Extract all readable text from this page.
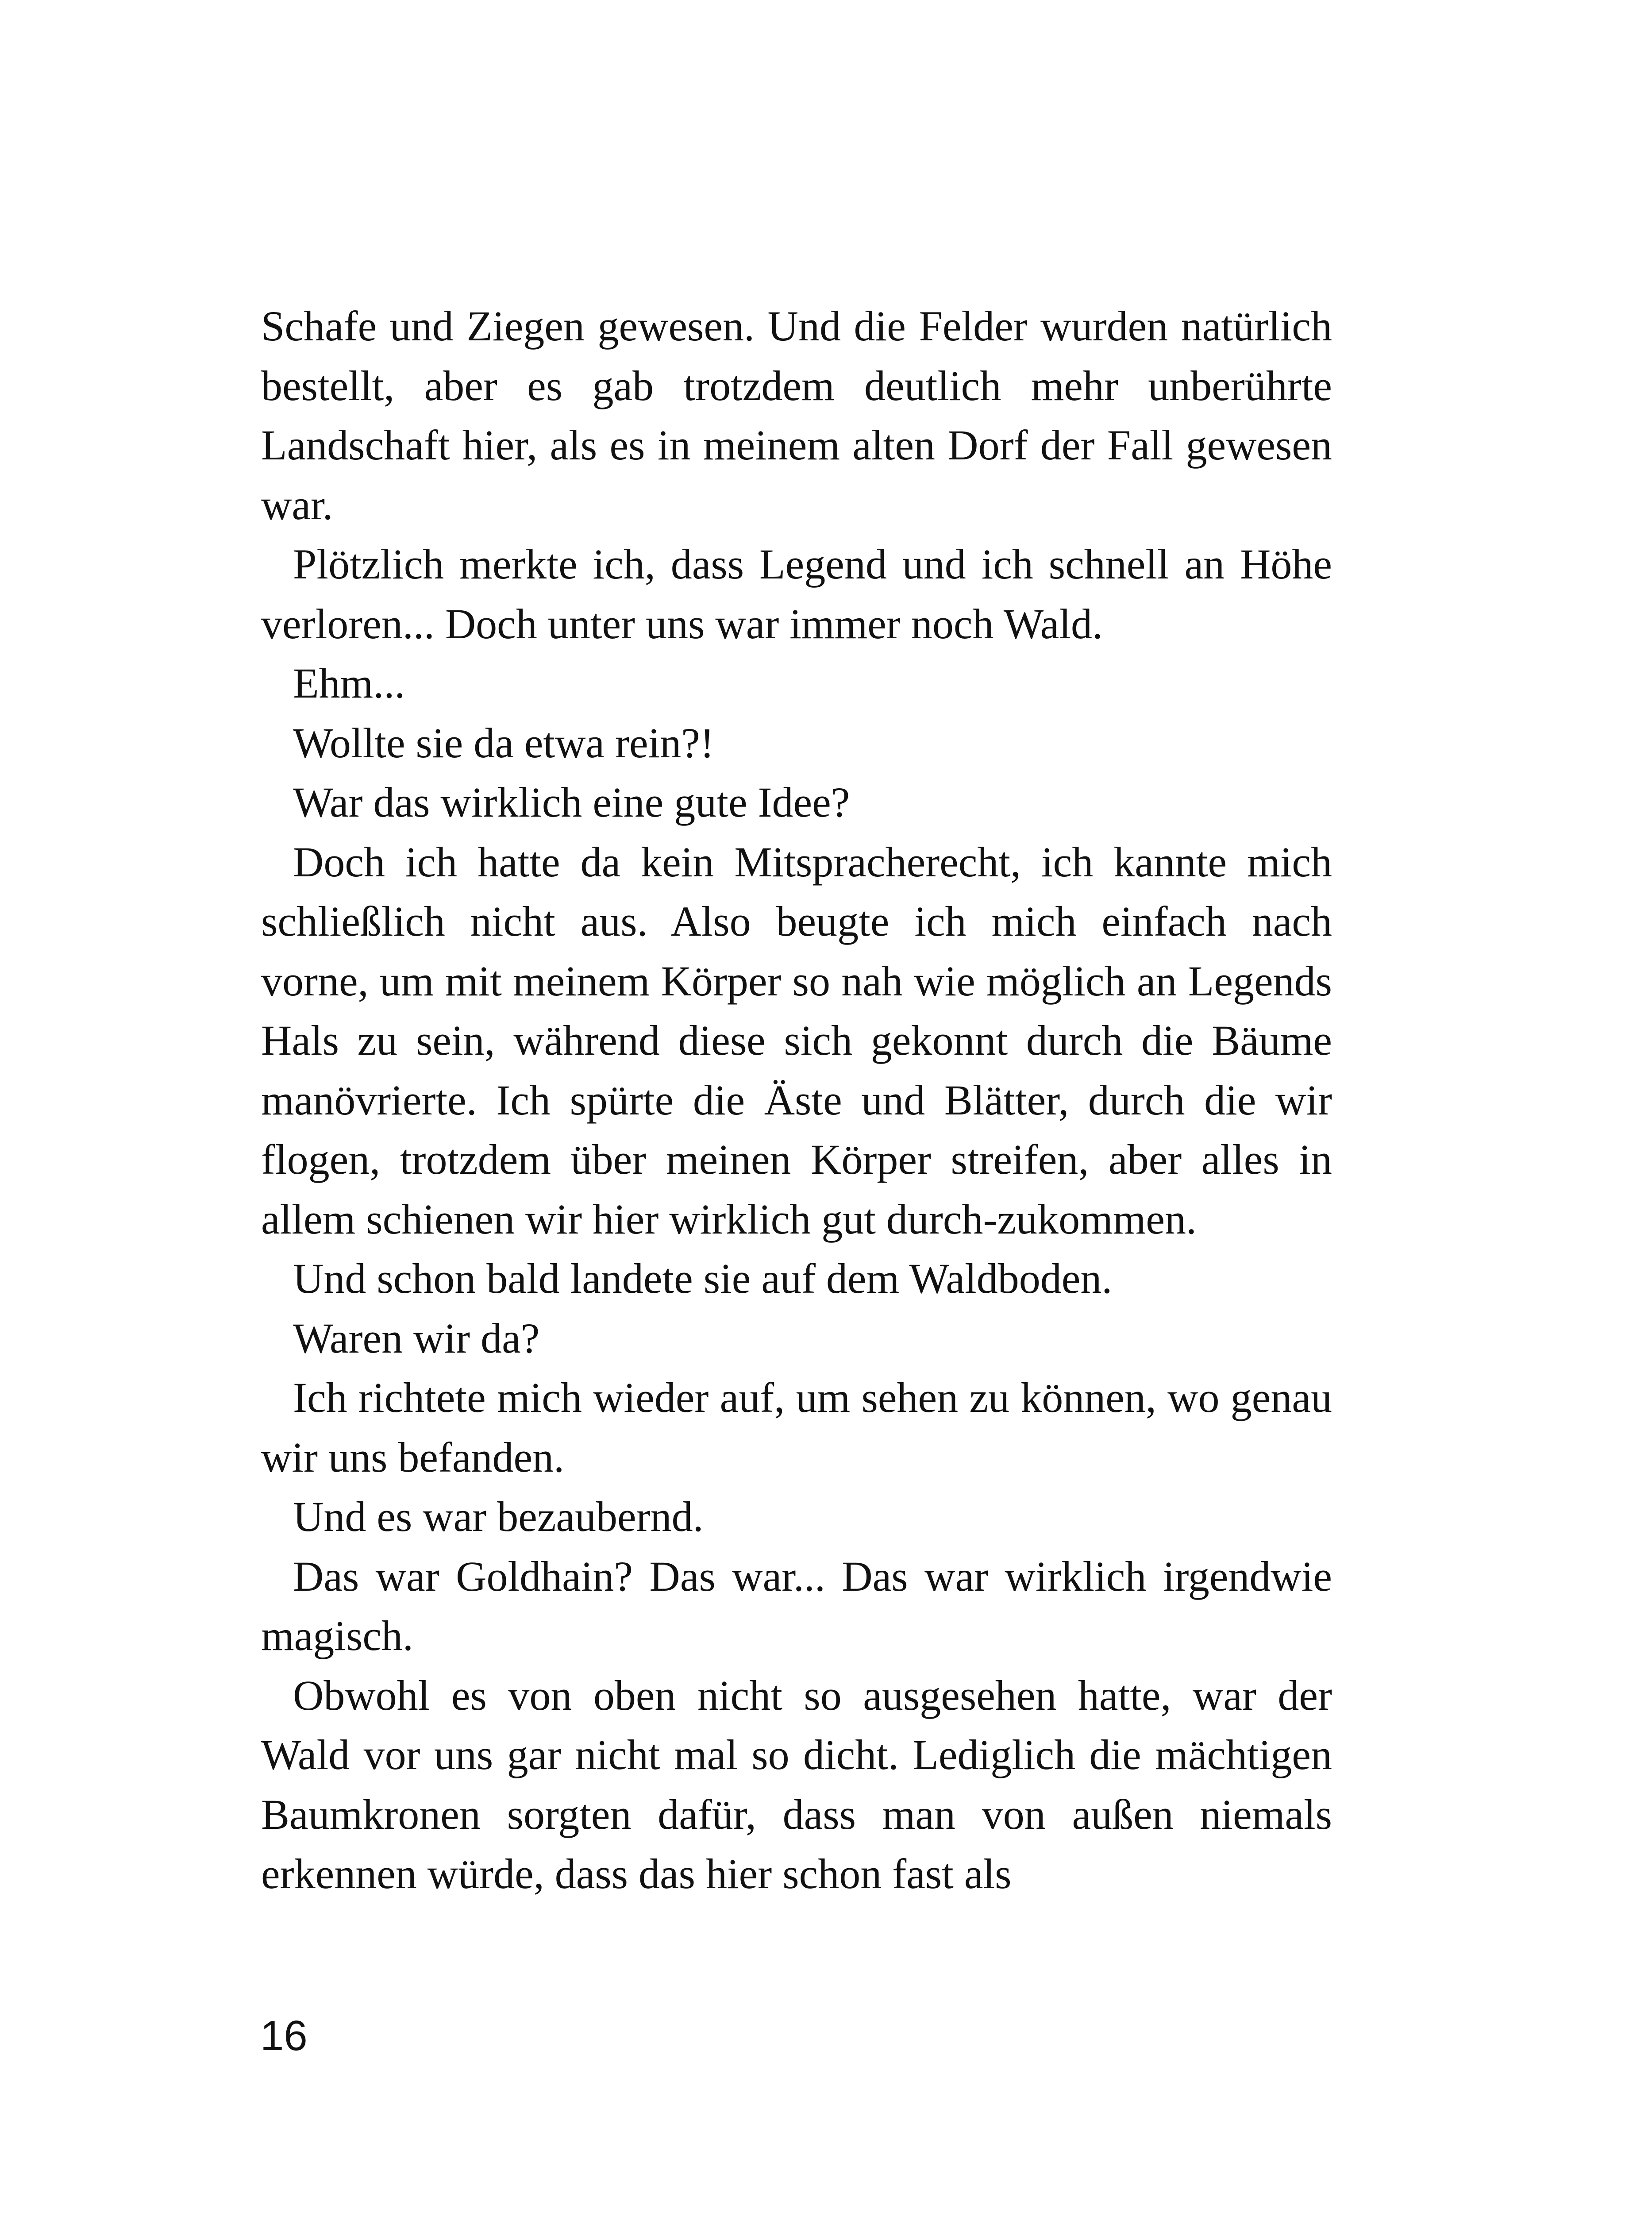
Schafe und Ziegen gewesen. Und die Felder wurden natürlich bestellt, aber es gab trotzdem deutlich mehr unberührte Landschaft hier, als es in meinem alten Dorf der Fall gewesen war.

Plötzlich merkte ich, dass Legend und ich schnell an Höhe verloren... Doch unter uns war immer noch Wald.

Ehm...

Wollte sie da etwa rein?!

War das wirklich eine gute Idee?

Doch ich hatte da kein Mitspracherecht, ich kannte mich schließlich nicht aus. Also beugte ich mich einfach nach vorne, um mit meinem Körper so nah wie möglich an Legends Hals zu sein, während diese sich gekonnt durch die Bäume manövrierte. Ich spürte die Äste und Blätter, durch die wir flogen, trotzdem über meinen Körper streifen, aber alles in allem schienen wir hier wirklich gut durch-zukommen.

Und schon bald landete sie auf dem Waldboden.

Waren wir da?

Ich richtete mich wieder auf, um sehen zu können, wo genau wir uns befanden.

Und es war bezaubernd.

Das war Goldhain? Das war... Das war wirklich irgendwie magisch.

Obwohl es von oben nicht so ausgesehen hatte, war der Wald vor uns gar nicht mal so dicht. Lediglich die mächtigen Baumkronen sorgten dafür, dass man von außen niemals erkennen würde, dass das hier schon fast als

16
